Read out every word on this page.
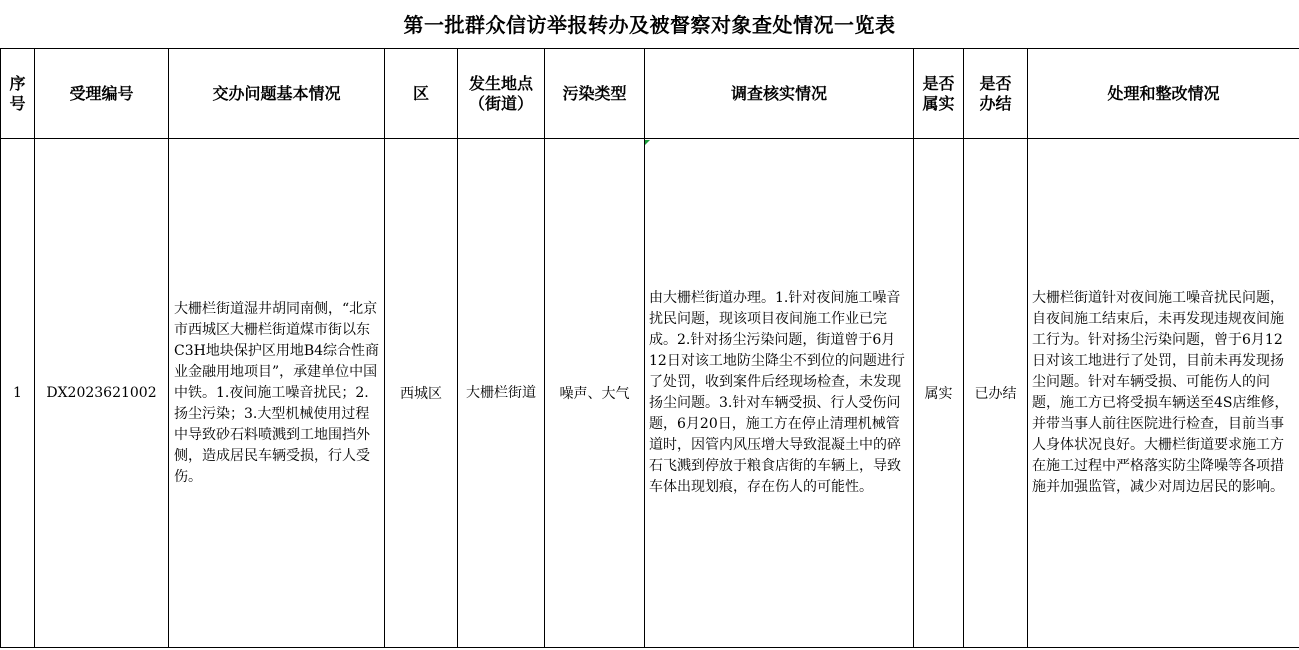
第一批群众信访举报转办及被督察对象查处情况一览表
序号	受理编号	交办问题基本情况	区	发生地点（街道）	污染类型	调查核实情况	是否属实	是否办结	处理和整改情况
1	DX2023621002	大栅栏街道湿井胡同南侧，“北京市西城区大栅栏街道煤市街以东C3H地块保护区用地B4综合性商业金融用地项目”，承建单位中国中铁。1.夜间施工噪音扰民；2.扬尘污染；3.大型机械使用过程中导致砂石料喷溅到工地围挡外侧，造成居民车辆受损，行人受伤。	西城区	大栅栏街道	噪声、大气	由大栅栏街道办理。1.针对夜间施工噪音扰民问题，现该项目夜间施工作业已完成。2.针对扬尘污染问题，街道曾于6月12日对该工地防尘降尘不到位的问题进行了处罚，收到案件后经现场检查，未发现扬尘问题。3.针对车辆受损、行人受伤问题，6月20日，施工方在停止清理机械管道时，因管内风压增大导致混凝土中的碎石飞溅到停放于粮食店街的车辆上，导致车体出现划痕，存在伤人的可能性。	属实	已办结	大栅栏街道针对夜间施工噪音扰民问题，自夜间施工结束后，未再发现违规夜间施工行为。针对扬尘污染问题，曾于6月12日对该工地进行了处罚，目前未再发现扬尘问题。针对车辆受损、可能伤人的问题，施工方已将受损车辆送至4S店维修，并带当事人前往医院进行检查，目前当事人身体状况良好。大栅栏街道要求施工方在施工过程中严格落实防尘降噪等各项措施并加强监管，减少对周边居民的影响。
